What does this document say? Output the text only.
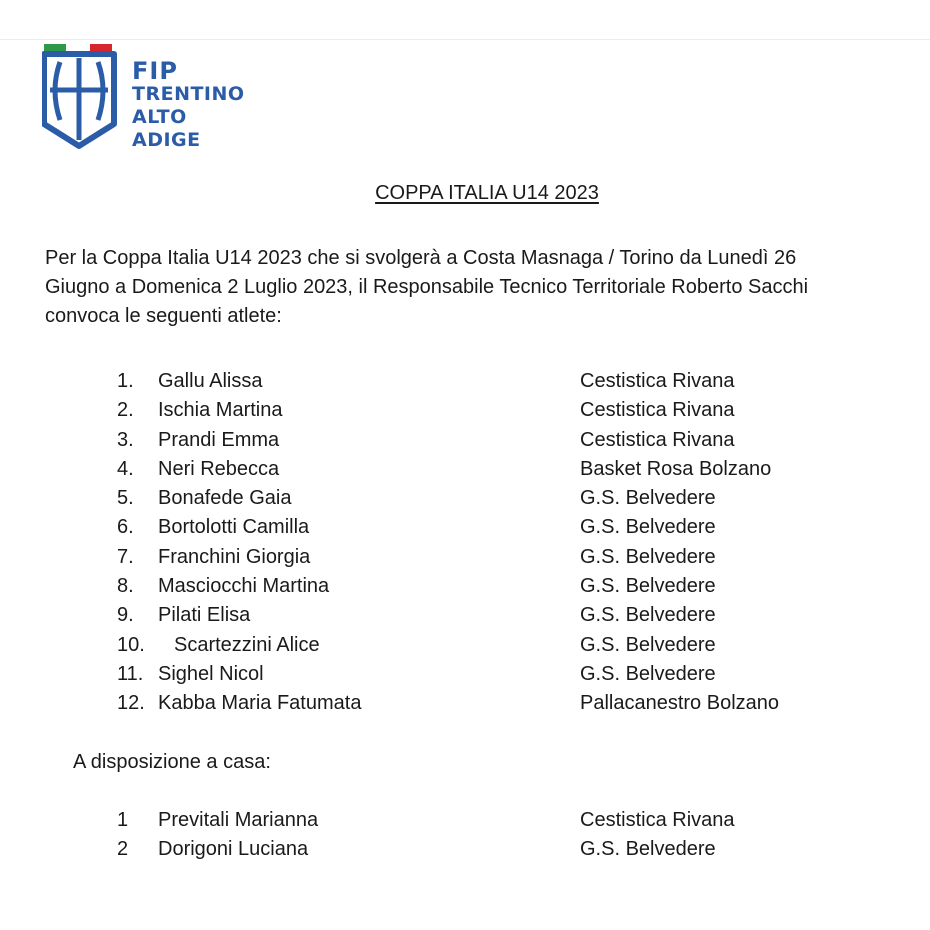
FIP
TRENTINO
ALTO ADIGE
COPPA ITALIA U14 2023

Per la Coppa Italia U14 2023 che si svolgerà a Costa Masnaga / Torino da Lunedì 26
Giugno a Domenica 2 Luglio 2023, il Responsabile Tecnico Territoriale Roberto Sacchi
convoca le seguenti atlete:

1. Gallu Alissa	Cestistica Rivana
2. Ischia Martina	Cestistica Rivana
3. Prandi Emma	Cestistica Rivana
4. Neri Rebecca	Basket Rosa Bolzano
5. Bonafede Gaia	G.S. Belvedere
6. Bortolotti Camilla	G.S. Belvedere
7. Franchini Giorgia	G.S. Belvedere
8. Masciocchi Martina	G.S. Belvedere
9. Pilati Elisa	G.S. Belvedere
10. Scartezzini Alice	G.S. Belvedere
11. Sighel Nicol	G.S. Belvedere
12. Kabba Maria Fatumata	Pallacanestro Bolzano
A disposizione a casa:
1 Previtali Marianna	Cestistica Rivana
2 Dorigoni Luciana	G.S. Belvedere
